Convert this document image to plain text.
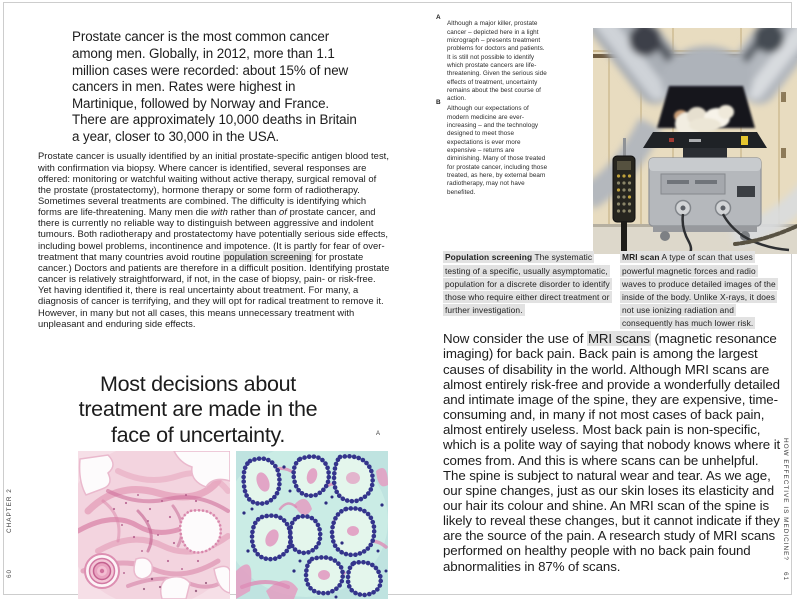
Prostate cancer is the most common cancer among men. Globally, in 2012, more than 1.1 million cases were recorded: about 15% of new cancers in men. Rates were highest in Martinique, followed by Norway and France. There are approximately 10,000 deaths in Britain a year, closer to 30,000 in the USA.

Prostate cancer is usually identified by an initial prostate-specific antigen blood test, with confirmation via biopsy. Where cancer is identified, several responses are offered: monitoring or watchful waiting without active therapy, surgical removal of the prostate (prostatectomy), hormone therapy or some form of radiotherapy. Sometimes several treatments are combined. The difficulty is identifying which forms are life-threatening. Many men die with rather than of prostate cancer, and there is currently no reliable way to distinguish between aggressive and indolent tumours. Both radiotherapy and prostatectomy have potentially serious side effects, including bowel problems, incontinence and impotence. (It is partly for fear of over-treatment that many countries avoid routine population screening for prostate cancer.) Doctors and patients are therefore in a difficult position. Identifying prostate cancer is relatively straightforward, if not, in the case of biopsy, pain- or risk-free. Yet having identified it, there is real uncertainty about treatment. For many, a diagnosis of cancer is terrifying, and they will opt for radical treatment to remove it. However, in many but not all cases, this means unnecessary treatment with unpleasant and enduring side effects.

Most decisions about treatment are made in the face of uncertainty.	A
A

Although a major killer, prostate cancer – depicted here in a light micrograph – presents treatment problems for doctors and patients. It is still not possible to identify which prostate cancers are life-threatening. Given the serious side effects of treatment, uncertainty remains about the best course of action.

B

Although our expectations of modern medicine are ever-increasing – and the technology designed to meet those expectations is ever more expensive – returns are diminishing. Many of those treated for prostate cancer, including those treated, as here, by external beam radiotherapy, may not have benefited.

Population screening The systematic testing of a specific, usually asymptomatic, population for a discrete disorder to identify those who require either direct treatment or further investigation.

MRI scan A type of scan that uses powerful magnetic forces and radio waves to produce detailed images of the inside of the body. Unlike X-rays, it does not use ionizing radiation and consequently has much lower risk.

Now consider the use of MRI scans (magnetic resonance imaging) for back pain. Back pain is among the largest causes of disability in the world. Although MRI scans are almost entirely risk-free and provide a wonderfully detailed and intimate image of the spine, they are expensive, time-consuming and, in many if not most cases of back pain, almost entirely useless. Most back pain is non-specific, which is a polite way of saying that nobody knows where it comes from. And this is where scans can be unhelpful. The spine is subject to natural wear and tear. As we age, our spine changes, just as our skin loses its elasticity and our hair its colour and shine. An MRI scan of the spine is likely to reveal these changes, but it cannot indicate if they are the source of the pain. A research study of MRI scans performed on healthy people with no back pain found abnormalities in 87% of scans.

CHAPTER 2
60
HOW EFFECTIVE IS MEDICINE?
61
